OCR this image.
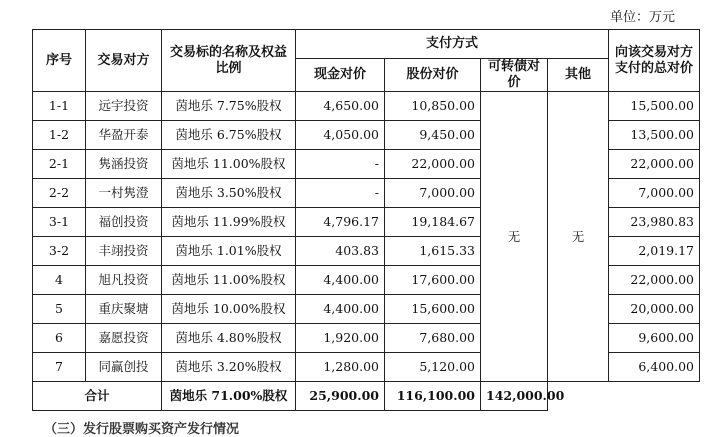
单位：万元
序号	交易对方	交易标的名称及权益比例	支付方式				向该交易对方支付的总对价
			现金对价	股份对价	可转债对价	其他	
1-1	远宇投资	茵地乐 7.75%股权	4,650.00	10,850.00	无	无	15,500.00
1-2	华盈开泰	茵地乐 6.75%股权	4,050.00	9,450.00			13,500.00
2-1	隽涵投资	茵地乐 11.00%股权	-	22,000.00			22,000.00
2-2	一村隽澄	茵地乐 3.50%股权	-	7,000.00			7,000.00
3-1	福创投资	茵地乐 11.99%股权	4,796.17	19,184.67			23,980.83
3-2	丰翊投资	茵地乐 1.01%股权	403.83	1,615.33			2,019.17
4	旭凡投资	茵地乐 11.00%股权	4,400.00	17,600.00			22,000.00
5	重庆聚塘	茵地乐 10.00%股权	4,400.00	15,600.00			20,000.00
6	嘉愿投资	茵地乐 4.80%股权	1,920.00	7,680.00			9,600.00
7	同赢创投	茵地乐 3.20%股权	1,280.00	5,120.00			6,400.00
合计		茵地乐 71.00%股权	25,900.00	116,100.00	142,000.00		
（三）发行股票购买资产发行情况
